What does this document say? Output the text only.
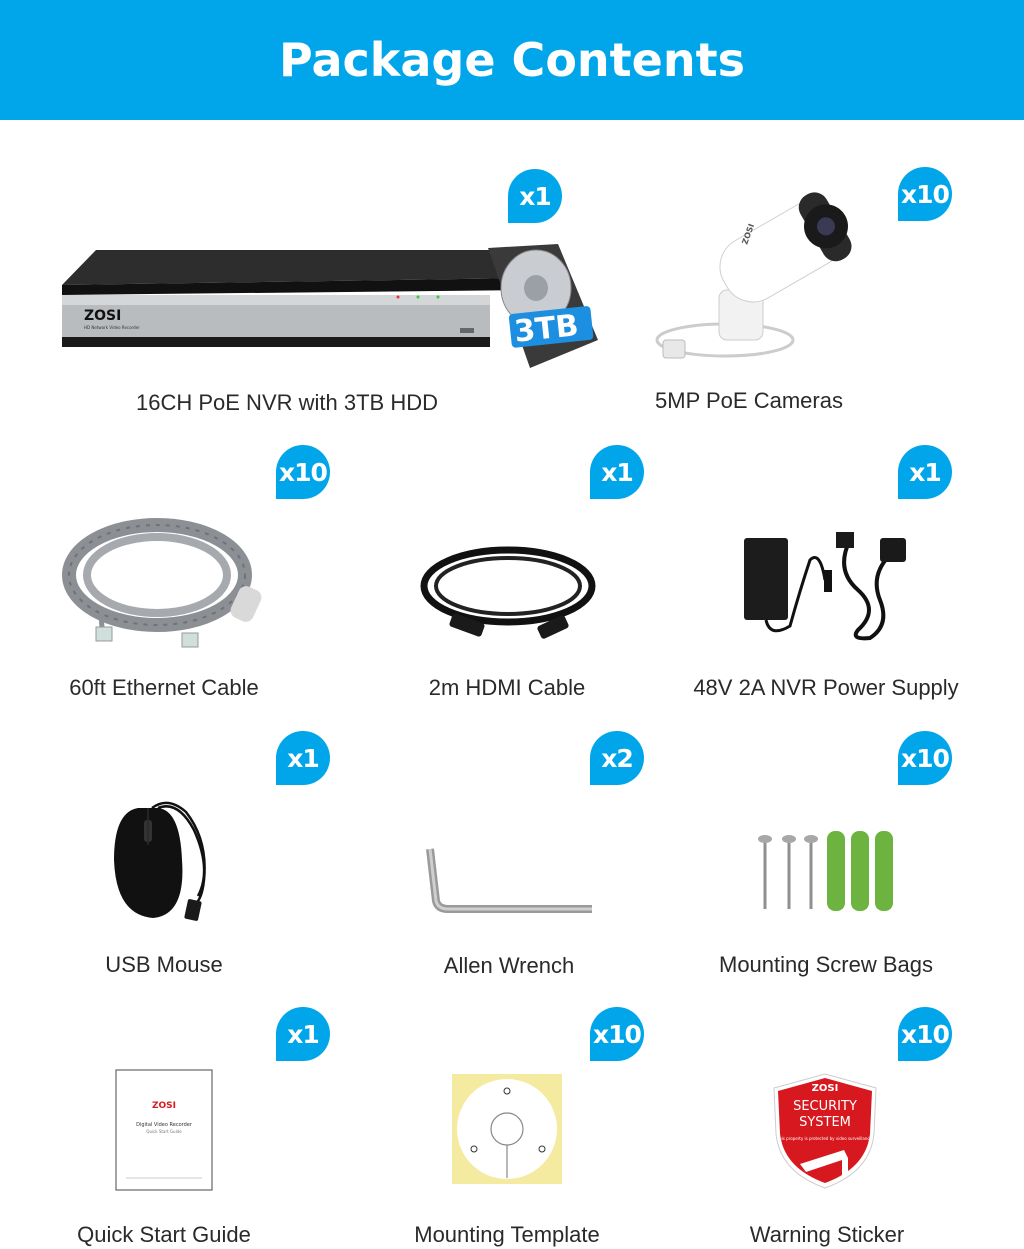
Package Contents
x1
ZOSI
HD Network Video Recorder	3TB
16CH PoE NVR with 3TB HDD
x10
ZOSI
5MP PoE Cameras
x10
60ft Ethernet Cable
x1
2m HDMI Cable
x1
48V 2A NVR Power Supply
x1
USB Mouse
x2
Allen Wrench
x10
Mounting Screw Bags
x1
ZOSI
Digital Video Recorder
Quick Start Guide
Quick Start Guide
x10
Mounting Template
x10
ZOSI
SECURITY
SYSTEM
This property is protected by video surveillance.
Warning Sticker
